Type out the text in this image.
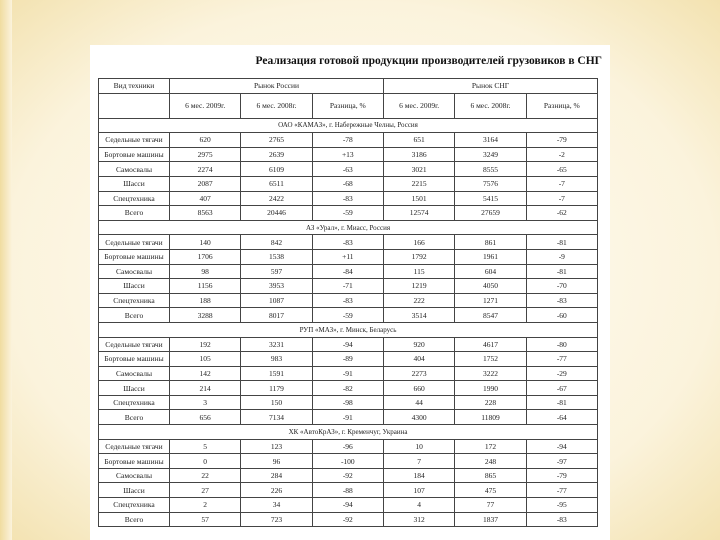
Реализация готовой продукции производителей грузовиков в СНГ
Вид техники	Рынок России			Рынок СНГ		
	6 мес. 2009г.	6 мес. 2008г.	Разница, %	6 мес. 2009г.	6 мес. 2008г.	Разница, %
ОАО «КАМАЗ», г. Набережные Челны, Россия						
Седельные тягачи	620	2765	-78	651	3164	-79
Бортовые машины	2975	2639	+13	3186	3249	-2
Самосвалы	2274	6109	-63	3021	8555	-65
Шасси	2087	6511	-68	2215	7576	-7
Спецтехника	407	2422	-83	1501	5415	-7
Всего	8563	20446	-59	12574	27659	-62
АЗ «Урал», г. Миасс, Россия						
Седельные тягачи	140	842	-83	166	861	-81
Бортовые машины	1706	1538	+11	1792	1961	-9
Самосвалы	98	597	-84	115	604	-81
Шасси	1156	3953	-71	1219	4050	-70
Спецтехника	188	1087	-83	222	1271	-83
Всего	3288	8017	-59	3514	8547	-60
РУП «МАЗ», г. Минск, Беларусь						
Седельные тягачи	192	3231	-94	920	4617	-80
Бортовые машины	105	983	-89	404	1752	-77
Самосвалы	142	1591	-91	2273	3222	-29
Шасси	214	1179	-82	660	1990	-67
Спецтехника	3	150	-98	44	228	-81
Всего	656	7134	-91	4300	11809	-64
ХК «АвтоКрАЗ», г. Кременчуг, Украина						
Седельные тягачи	5	123	-96	10	172	-94
Бортовые машины	0	96	-100	7	248	-97
Самосвалы	22	284	-92	184	865	-79
Шасси	27	226	-88	107	475	-77
Спецтехника	2	34	-94	4	77	-95
Всего	57	723	-92	312	1837	-83
